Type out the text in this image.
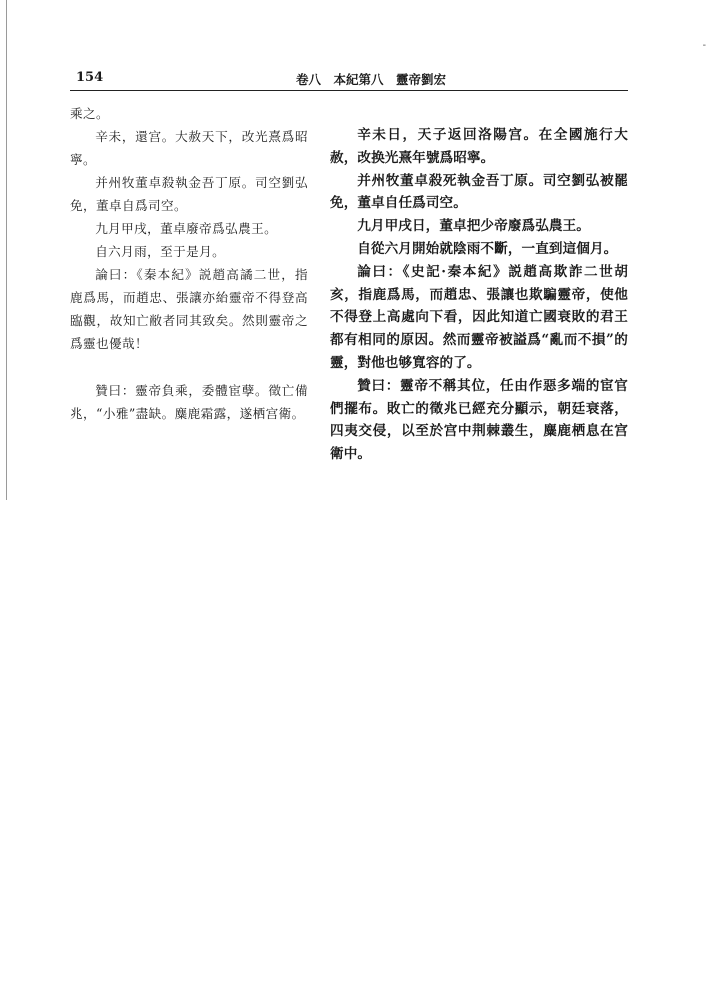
-
154	卷八　本紀第八　靈帝劉宏

乘之。

辛未，還宫。大赦天下，改光熹爲昭寧。

并州牧董卓殺執金吾丁原。司空劉弘免，董卓自爲司空。

九月甲戌，董卓廢帝爲弘農王。

自六月雨，至于是月。

論曰：《秦本紀》説趙高譎二世，指鹿爲馬，而趙忠、張讓亦紿靈帝不得登高臨觀，故知亡敝者同其致矣。然則靈帝之爲靈也優哉！

贊曰：靈帝負乘，委體宦孽。徵亡備兆，“小雅”盡缺。麋鹿霜露，遂栖宫衛。

辛未日，天子返回洛陽宫。在全國施行大赦，改换光熹年號爲昭寧。

并州牧董卓殺死執金吾丁原。司空劉弘被罷免，董卓自任爲司空。

九月甲戌日，董卓把少帝廢爲弘農王。

自從六月開始就陰雨不斷，一直到這個月。

論曰：《史記·秦本紀》説趙高欺詐二世胡亥，指鹿爲馬，而趙忠、張讓也欺騙靈帝，使他不得登上高處向下看，因此知道亡國衰敗的君王都有相同的原因。然而靈帝被謚爲“亂而不損”的靈，對他也够寬容的了。

贊曰：靈帝不稱其位，任由作惡多端的宦官們擺布。敗亡的徵兆已經充分顯示，朝廷衰落，四夷交侵，以至於宫中荆棘叢生，麋鹿栖息在宫衛中。
